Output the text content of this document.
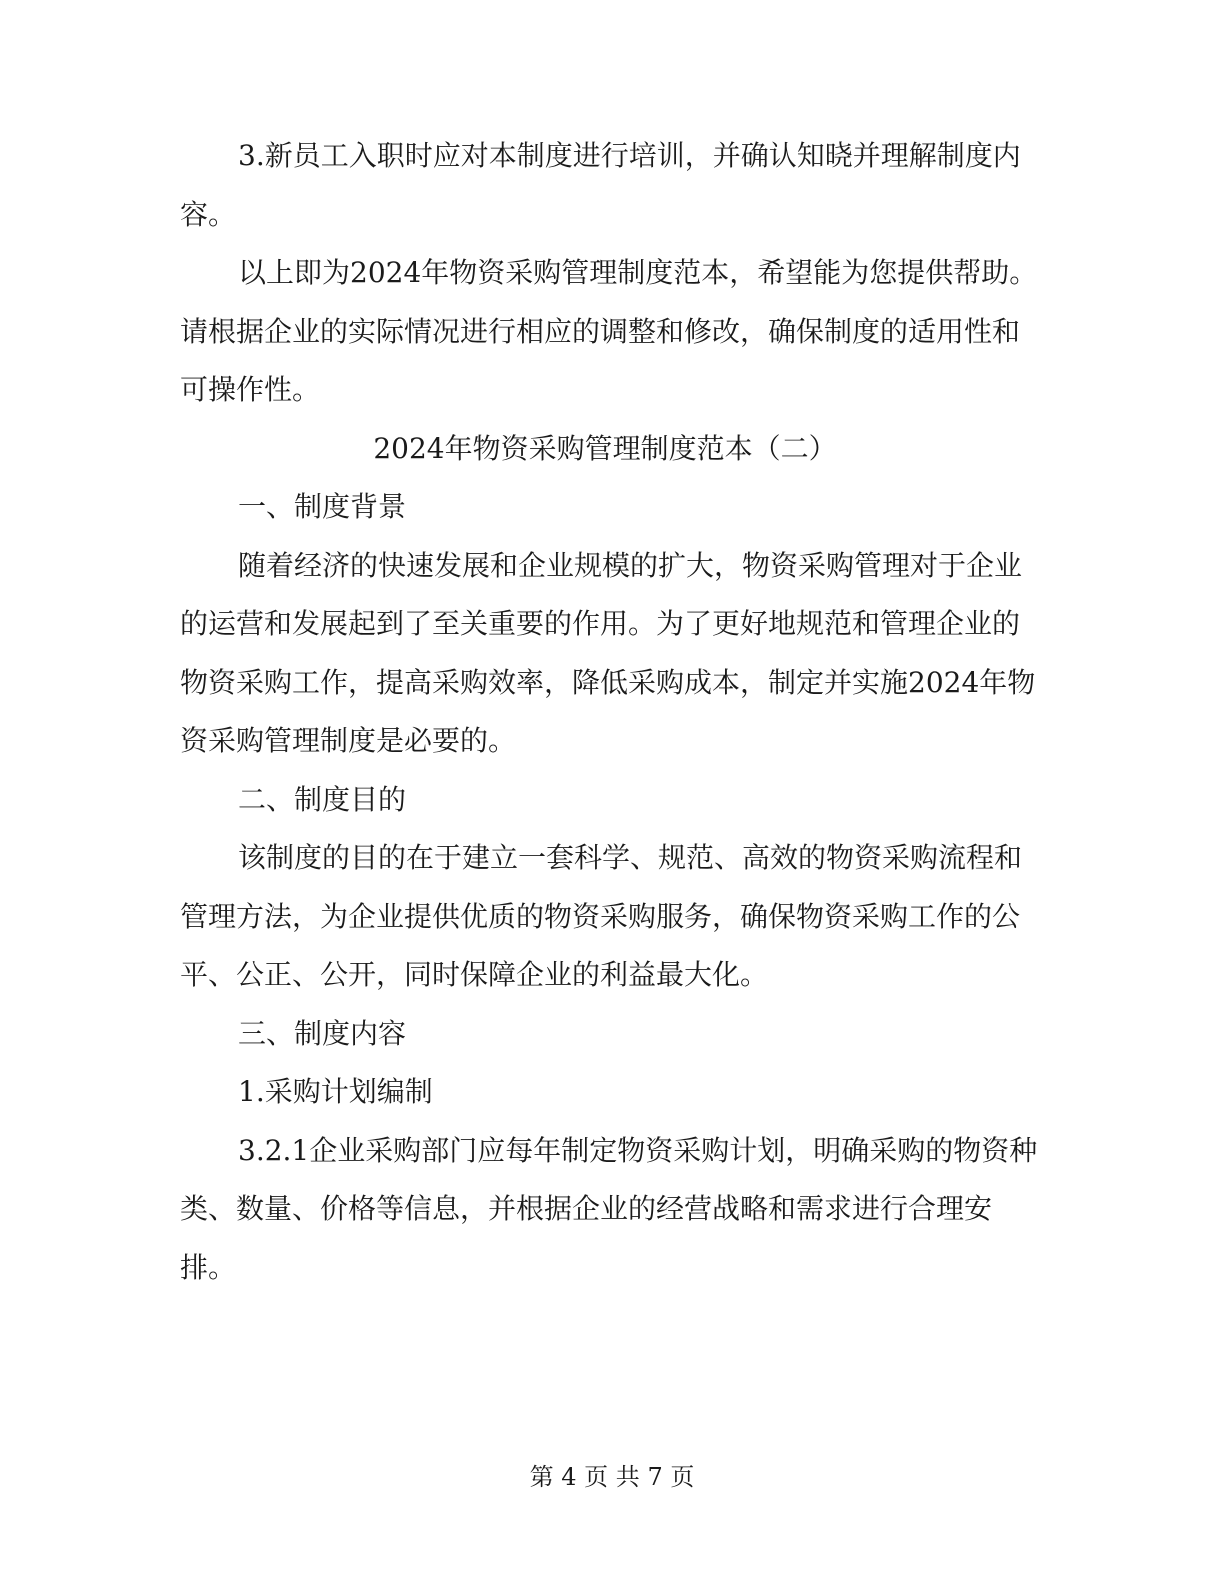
3.新员工入职时应对本制度进行培训，并确认知晓并理解制度内

容。

以上即为2024年物资采购管理制度范本，希望能为您提供帮助。

请根据企业的实际情况进行相应的调整和修改，确保制度的适用性和

可操作性。

2024年物资采购管理制度范本（二）

一、制度背景

随着经济的快速发展和企业规模的扩大，物资采购管理对于企业

的运营和发展起到了至关重要的作用。为了更好地规范和管理企业的

物资采购工作，提高采购效率，降低采购成本，制定并实施2024年物

资采购管理制度是必要的。

二、制度目的

该制度的目的在于建立一套科学、规范、高效的物资采购流程和

管理方法，为企业提供优质的物资采购服务，确保物资采购工作的公

平、公正、公开，同时保障企业的利益最大化。

三、制度内容

1.采购计划编制

3.2.1企业采购部门应每年制定物资采购计划，明确采购的物资种

类、数量、价格等信息，并根据企业的经营战略和需求进行合理安

排。

第 4 页 共 7 页
